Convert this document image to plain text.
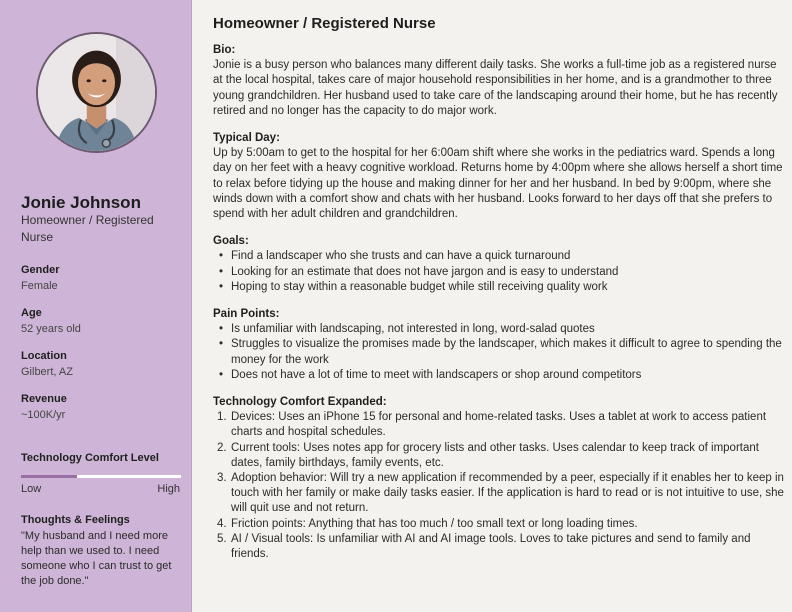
Jonie Johnson
Homeowner / Registered Nurse
Gender
Female
Age
52 years old
Location
Gilbert, AZ
Revenue
~100K/yr
Technology Comfort Level
Low	High
Thoughts & Feelings
"My husband and I need more help than we used to. I need someone who I can trust to get the job done."
Homeowner / Registered Nurse
Bio:
Jonie is a busy person who balances many different daily tasks. She works a full-time job as a registered nurse at the local hospital, takes care of major household responsibilities in her home, and is a grandmother to three young grandchildren. Her husband used to take care of the landscaping around their home, but he has recently retired and no longer has the capacity to do major work.
Typical Day:
Up by 5:00am to get to the hospital for her 6:00am shift where she works in the pediatrics ward. Spends a long day on her feet with a heavy cognitive workload. Returns home by 4:00pm where she allows herself a short time to relax before tidying up the house and making dinner for her and her husband. In bed by 9:00pm, where she winds down with a comfort show and chats with her husband. Looks forward to her days off that she prefers to spend with her adult children and grandchildren.
Goals:
• Find a landscaper who she trusts and can have a quick turnaround
• Looking for an estimate that does not have jargon and is easy to understand
• Hoping to stay within a reasonable budget while still receiving quality work
Pain Points:
• Is unfamiliar with landscaping, not interested in long, word-salad quotes
• Struggles to visualize the promises made by the landscaper, which makes it difficult to agree to spending the money for the work
• Does not have a lot of time to meet with landscapers or shop around competitors
Technology Comfort Expanded:
1. Devices: Uses an iPhone 15 for personal and home-related tasks. Uses a tablet at work to access patient charts and hospital schedules.
2. Current tools: Uses notes app for grocery lists and other tasks. Uses calendar to keep track of important dates, family birthdays, family events, etc.
3. Adoption behavior: Will try a new application if recommended by a peer, especially if it enables her to keep in touch with her family or make daily tasks easier. If the application is hard to read or is not intuitive to use, she will quit use and not return.
4. Friction points: Anything that has too much / too small text or long loading times.
5. AI / Visual tools: Is unfamiliar with AI and AI image tools. Loves to take pictures and send to family and friends.
